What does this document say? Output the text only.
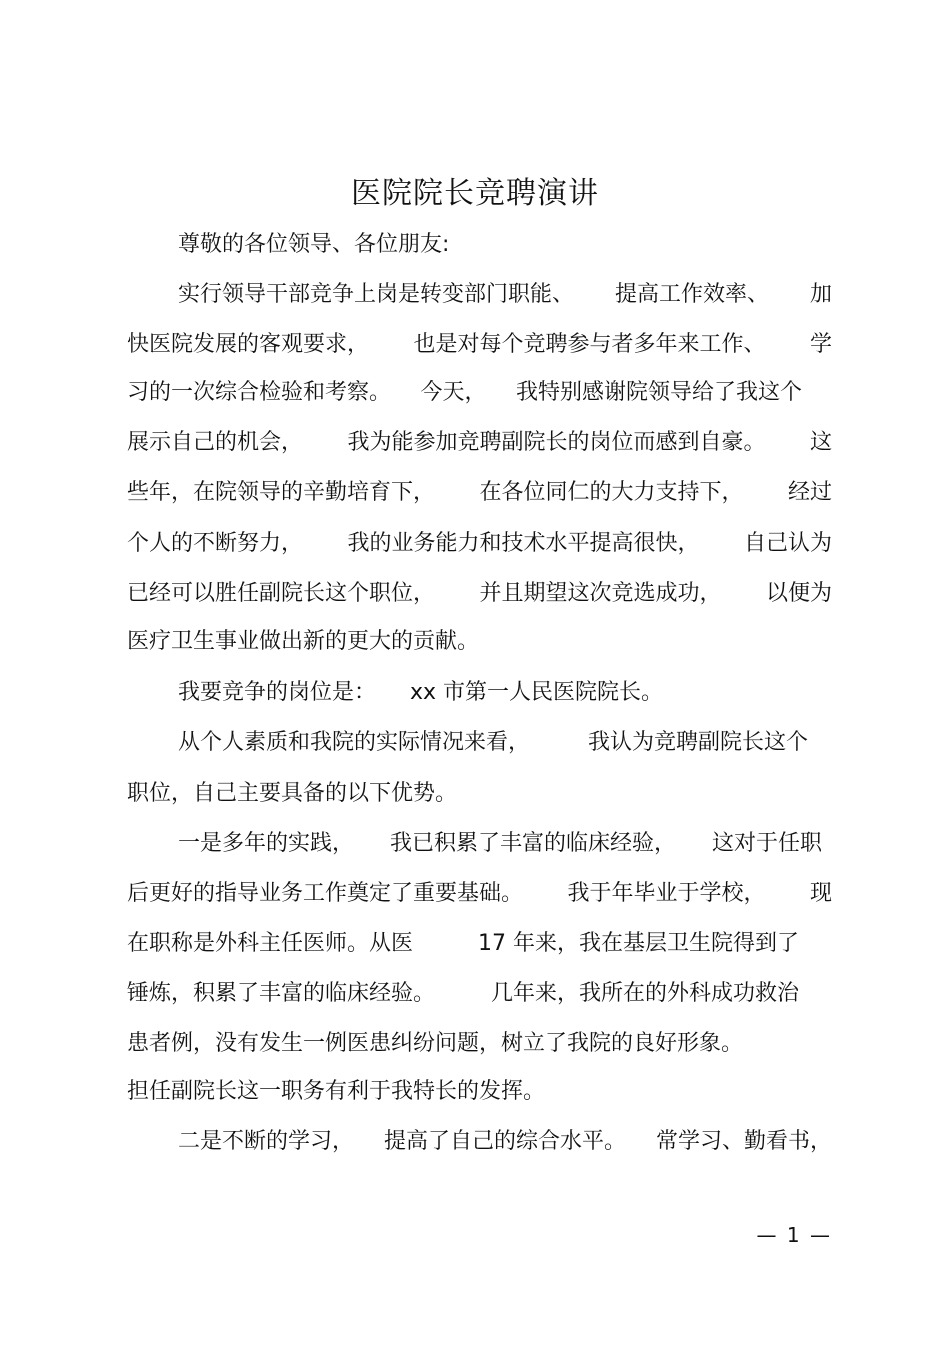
医院院长竞聘演讲
尊敬的各位领导、各位朋友:
实行领导干部竞争上岗是转变部门职能、 提高工作效率、 加
快医院发展的客观要求， 也是对每个竞聘参与者多年来工作、 学
习的一次综合检验和考察。 今天， 我特别感谢院领导给了我这个
展示自己的机会， 我为能参加竞聘副院长的岗位而感到自豪。 这
些年，在院领导的辛勤培育下， 在各位同仁的大力支持下， 经过
个人的不断努力， 我的业务能力和技术水平提高很快， 自己认为
已经可以胜任副院长这个职位， 并且期望这次竞选成功， 以便为
医疗卫生事业做出新的更大的贡献。
我要竞争的岗位是： xx 市第一人民医院院长。
从个人素质和我院的实际情况来看，	我认为竞聘副院长这个
职位，自己主要具备的以下优势。
一是多年的实践， 我已积累了丰富的临床经验， 这对于任职
后更好的指导业务工作奠定了重要基础。 我于年毕业于学校， 现
在职称是外科主任医师。从医	17 年来，我在基层卫生院得到了
锤炼，积累了丰富的临床经验。	几年来，我所在的外科成功救治
患者例，没有发生一例医患纠纷问题，树立了我院的良好形象。
担任副院长这一职务有利于我特长的发挥。
二是不断的学习， 提高了自己的综合水平。 常学习、勤看书，
— 1 —
